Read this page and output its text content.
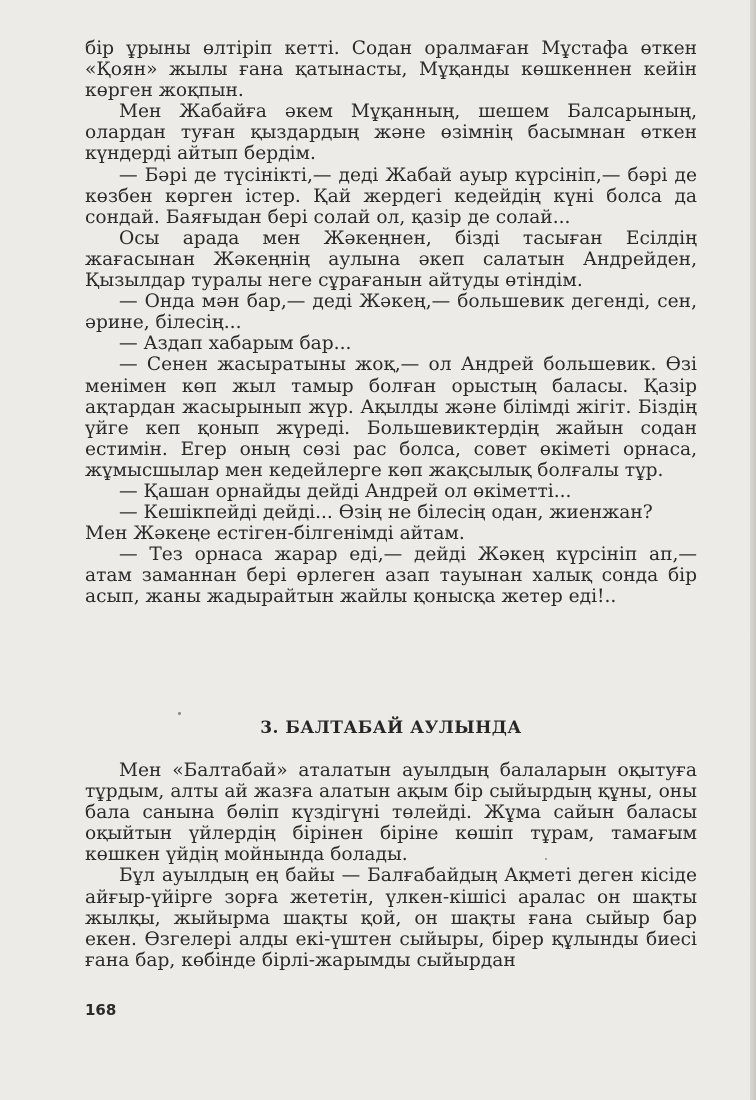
бір ұрыны өлтіріп кетті. Содан оралмаған Мұстафа өткен «Қоян» жылы ғана қатынасты, Мұқанды көшкеннен кейін көрген жоқпын.

Мен Жабайға әкем Мұқанның, шешем Балсарының, олардан туған қыздардың және өзімнің басымнан өткен күндерді айтып бердім.

— Бәрі де түсінікті,— деді Жабай ауыр күрсініп,— бәрі де көзбен көрген істер. Қай жердегі кедейдің күні болса да сондай. Баяғыдан бері солай ол, қазір де солай...

Осы арада мен Жәкеңнен, бізді тасыған Есілдің жағасынан Жәкеңнің аулына әкеп салатын Андрейден, Қызылдар туралы неге сұрағанын айтуды өтіндім.

— Онда мән бар,— деді Жәкең,— большевик дегенді, сен, әрине, білесің...

— Аздап хабарым бар...

— Сенен жасыратыны жоқ,— ол Андрей большевик. Өзі менімен көп жыл тамыр болған орыстың баласы. Қазір ақтардан жасырынып жүр. Ақылды және білімді жігіт. Біздің үйге кеп қонып жүреді. Большевиктердің жайын содан естимін. Егер оның сөзі рас болса, совет өкіметі орнаса, жұмысшылар мен кедейлерге көп жақсылық болғалы тұр.

— Қашан орнайды дейді Андрей ол өкіметті...

— Кешікпейді дейді... Өзің не білесің одан, жиенжан?

Мен Жәкеңе естіген-білгенімді айтам.

— Тез орнаса жарар еді,— дейді Жәкең күрсініп ап,— атам заманнан бері өрлеген азап тауынан халық сонда бір асып, жаны жадырайтын жайлы қонысқа жетер еді!..

3. БАЛТАБАЙ АУЛЫНДА

Мен «Балтабай» аталатын ауылдың балаларын оқытуға тұрдым, алты ай жазға алатын ақым бір сыйырдың құны, оны бала санына бөліп күздігүні төлейді. Жұма сайын баласы оқыйтын үйлердің бірінен біріне көшіп тұрам, тамағым көшкен үйдің мойнында болады.

Бұл ауылдың ең байы — Балғабайдың Ақметі деген кісіде айғыр-үйірге зорға жететін, үлкен-кішісі аралас он шақты жылқы, жыйырма шақты қой, он шақты ғана сыйыр бар екен. Өзгелері алды екі-үштен сыйыры, бірер құлынды биесі ғана бар, көбінде бірлі-жарымды сыйырдан

168
